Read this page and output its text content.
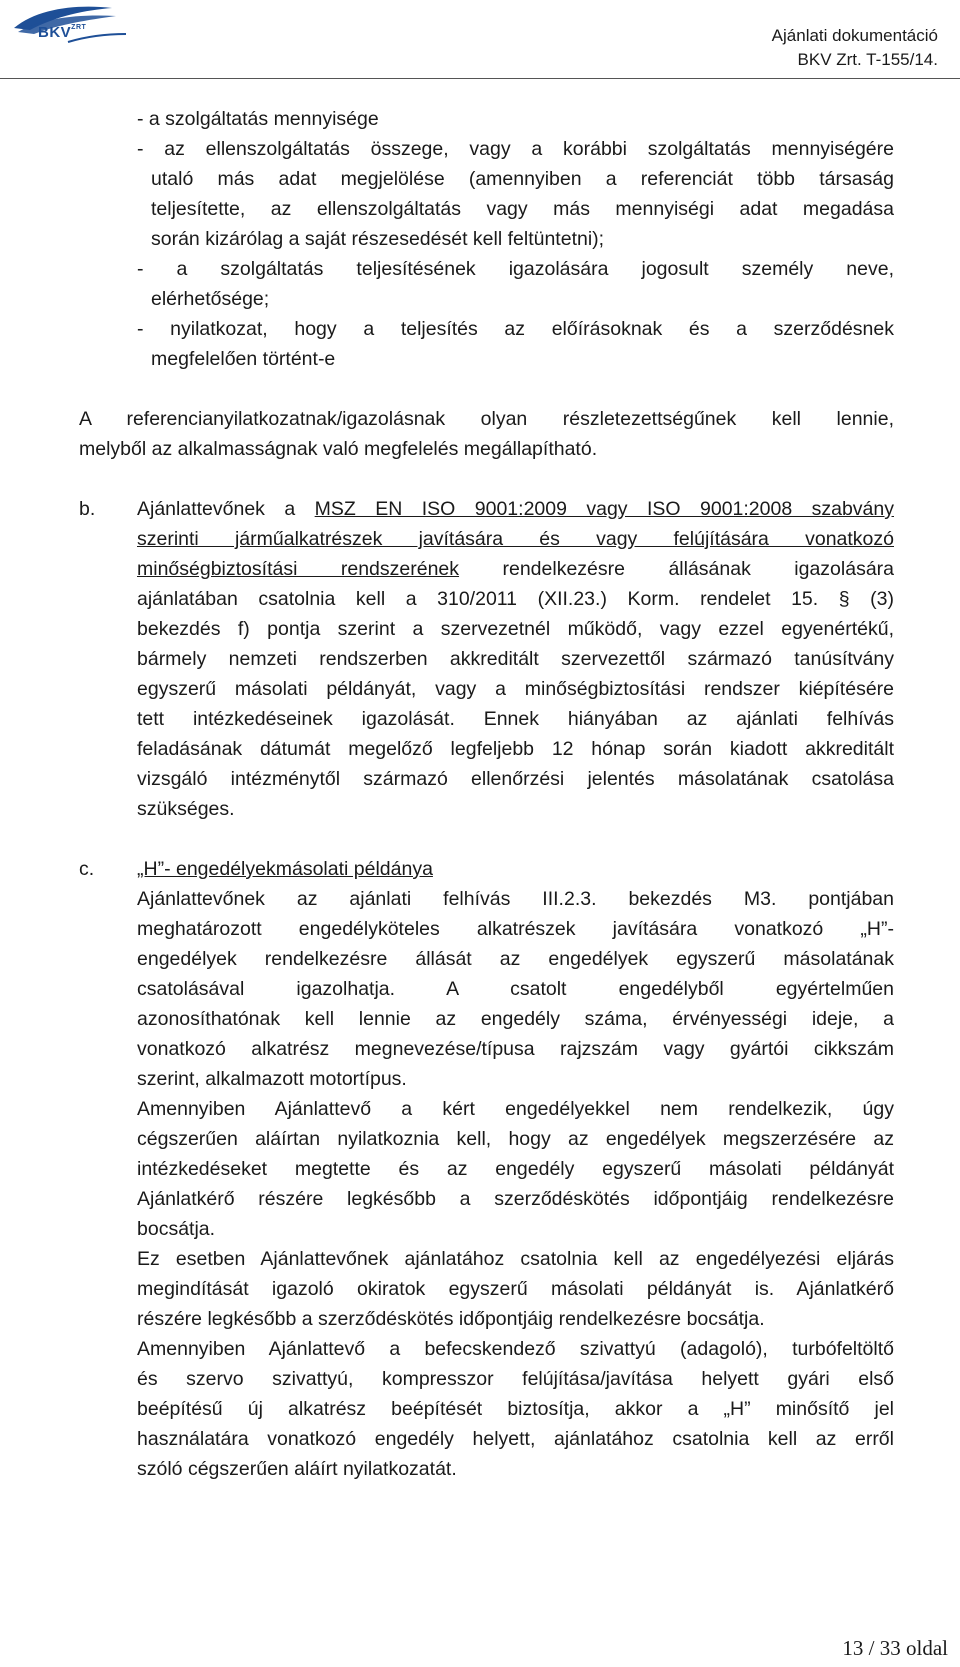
$BKV^{ZRT}$	Ajánlati dokumentáció
BKV Zrt. T-155/14.
- a szolgáltatás mennyisége
- az ellenszolgáltatás összege, vagy a korábbi szolgáltatás mennyiségére
utaló más adat megjelölése (amennyiben a referenciát több társaság
teljesítette, az ellenszolgáltatás vagy más mennyiségi adat megadása
során kizárólag a saját részesedését kell feltüntetni);
- a szolgáltatás teljesítésének igazolására jogosult személy neve,
elérhetősége;
- nyilatkozat, hogy a teljesítés az előírásoknak és a szerződésnek
megfelelően történt-e
A referencianyilatkozatnak/igazolásnak olyan részletezettségűnek kell lennie,
melyből az alkalmasságnak való megfelelés megállapítható.
b. Ajánlattevőnek a MSZ EN ISO 9001:2009 vagy ISO 9001:2008 szabvány
szerinti járműalkatrészek javítására és vagy felújítására vonatkozó
minőségbiztosítási rendszerének rendelkezésre állásának igazolására
ajánlatában csatolnia kell a 310/2011 (XII.23.) Korm. rendelet 15. § (3)
bekezdés f) pontja szerint a szervezetnél működő, vagy ezzel egyenértékű,
bármely nemzeti rendszerben akkreditált szervezettől származó tanúsítvány
egyszerű másolati példányát, vagy a minőségbiztosítási rendszer kiépítésére
tett intézkedéseinek igazolását. Ennek hiányában az ajánlati felhívás
feladásának dátumát megelőző legfeljebb 12 hónap során kiadott akkreditált
vizsgáló intézménytől származó ellenőrzési jelentés másolatának csatolása
szükséges.
c. „H”- engedélyekmásolati példánya
Ajánlattevőnek az ajánlati felhívás III.2.3. bekezdés M3. pontjában
meghatározott engedélyköteles alkatrészek javítására vonatkozó „H”-
engedélyek rendelkezésre állását az engedélyek egyszerű másolatának
csatolásával igazolhatja. A csatolt engedélyből egyértelműen
azonosíthatónak kell lennie az engedély száma, érvényességi ideje, a
vonatkozó alkatrész megnevezése/típusa rajzszám vagy gyártói cikkszám
szerint, alkalmazott motortípus.
Amennyiben Ajánlattevő a kért engedélyekkel nem rendelkezik, úgy
cégszerűen aláírtan nyilatkoznia kell, hogy az engedélyek megszerzésére az
intézkedéseket megtette és az engedély egyszerű másolati példányát
Ajánlatkérő részére legkésőbb a szerződéskötés időpontjáig rendelkezésre
bocsátja.
Ez esetben Ajánlattevőnek ajánlatához csatolnia kell az engedélyezési eljárás
megindítását igazoló okiratok egyszerű másolati példányát is. Ajánlatkérő
részére legkésőbb a szerződéskötés időpontjáig rendelkezésre bocsátja.
Amennyiben Ajánlattevő a befecskendező szivattyú (adagoló), turbófeltöltő
és szervo szivattyú, kompresszor felújítása/javítása helyett gyári első
beépítésű új alkatrész beépítését biztosítja, akkor a „H” minősítő jel
használatára vonatkozó engedély helyett, ajánlatához csatolnia kell az erről
szóló cégszerűen aláírt nyilatkozatát.
13 / 33 oldal
